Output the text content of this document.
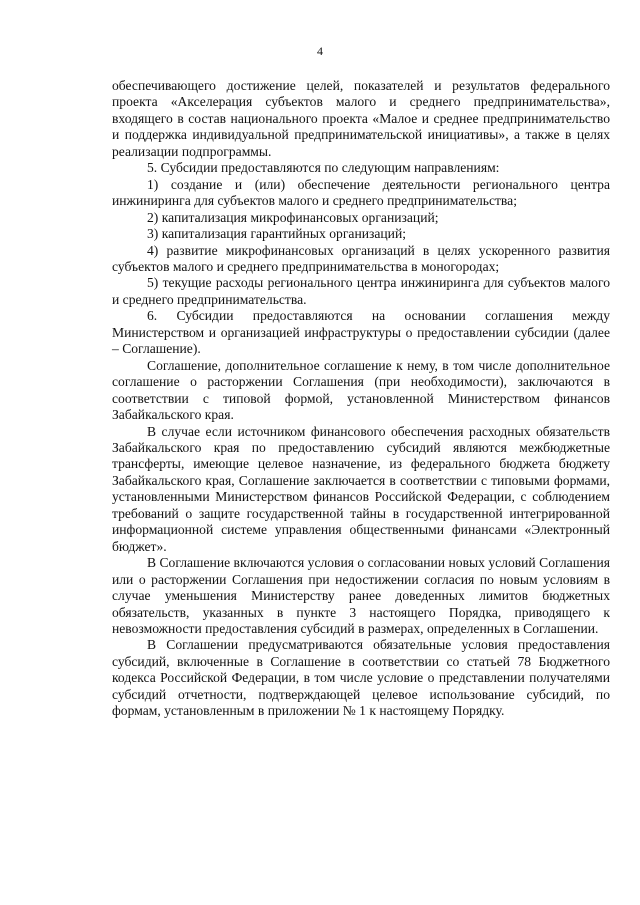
4

обеспечивающего достижение целей, показателей и результатов федерального проекта «Акселерация субъектов малого и среднего предпринимательства», входящего в состав национального проекта «Малое и среднее предпринимательство и поддержка индивидуальной предпринимательской инициативы», а также в целях реализации подпрограммы.

5. Субсидии предоставляются по следующим направлениям:

1) создание и (или) обеспечение деятельности регионального центра инжиниринга для субъектов малого и среднего предпринимательства;

2) капитализация микрофинансовых организаций;

3) капитализация гарантийных организаций;

4) развитие микрофинансовых организаций в целях ускоренного развития субъектов малого и среднего предпринимательства в моногородах;

5) текущие расходы регионального центра инжиниринга для субъектов малого и среднего предпринимательства.

6. Субсидии предоставляются на основании соглашения между Министерством и организацией инфраструктуры о предоставлении субсидии (далее – Соглашение).

Соглашение, дополнительное соглашение к нему, в том числе дополнительное соглашение о расторжении Соглашения (при необходимости), заключаются в соответствии с типовой формой, установленной Министерством финансов Забайкальского края.

В случае если источником финансового обеспечения расходных обязательств Забайкальского края по предоставлению субсидий являются межбюджетные трансферты, имеющие целевое назначение, из федерального бюджета бюджету Забайкальского края, Соглашение заключается в соответствии с типовыми формами, установленными Министерством финансов Российской Федерации, с соблюдением требований о защите государственной тайны в государственной интегрированной информационной системе управления общественными финансами «Электронный бюджет».

В Соглашение включаются условия о согласовании новых условий Соглашения или о расторжении Соглашения при недостижении согласия по новым условиям в случае уменьшения Министерству ранее доведенных лимитов бюджетных обязательств, указанных в пункте 3 настоящего Порядка, приводящего к невозможности предоставления субсидий в размерах, определенных в Соглашении.

В Соглашении предусматриваются обязательные условия предоставления субсидий, включенные в Соглашение в соответствии со статьей 78 Бюджетного кодекса Российской Федерации, в том числе условие о представлении получателями субсидий отчетности, подтверждающей целевое использование субсидий, по формам, установленным в приложении № 1 к настоящему Порядку.
